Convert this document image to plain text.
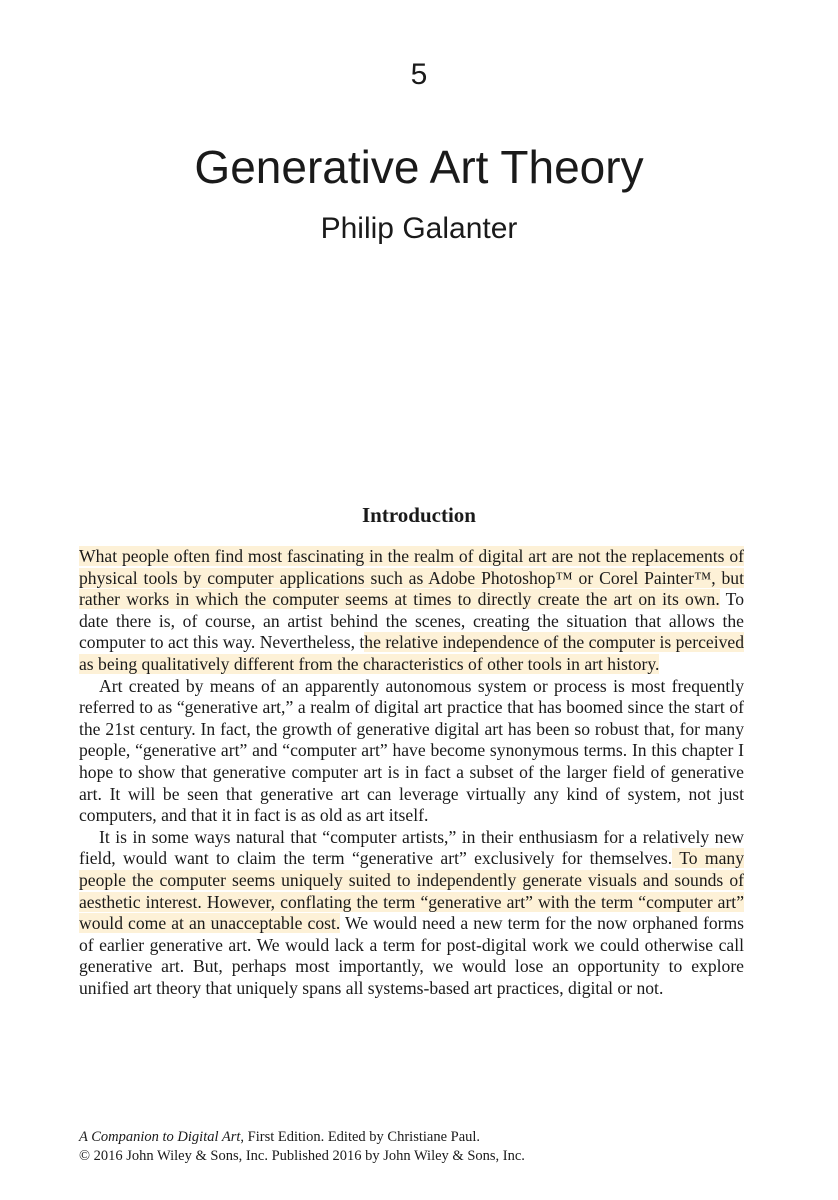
5
Generative Art Theory
Philip Galanter
Introduction

What people often find most fascinating in the realm of digital art are not the replacements of physical tools by computer applications such as Adobe Photoshop™ or Corel Painter™, but rather works in which the computer seems at times to directly create the art on its own. To date there is, of course, an artist behind the scenes, creating the situation that allows the computer to act this way. Nevertheless, the relative independence of the computer is perceived as being qualitatively different from the characteristics of other tools in art history.

Art created by means of an apparently autonomous system or process is most frequently referred to as “generative art,” a realm of digital art practice that has boomed since the start of the 21st century. In fact, the growth of generative digital art has been so robust that, for many people, “generative art” and “computer art” have become synonymous terms. In this chapter I hope to show that generative computer art is in fact a subset of the larger field of generative art. It will be seen that generative art can leverage virtually any kind of system, not just computers, and that it in fact is as old as art itself.

It is in some ways natural that “computer artists,” in their enthusiasm for a relatively new field, would want to claim the term “generative art” exclusively for themselves. To many people the computer seems uniquely suited to independently generate visuals and sounds of aesthetic interest. However, conflating the term “generative art” with the term “computer art” would come at an unacceptable cost. We would need a new term for the now orphaned forms of earlier generative art. We would lack a term for post-digital work we could otherwise call generative art. But, perhaps most importantly, we would lose an opportunity to explore unified art theory that uniquely spans all systems-based art practices, digital or not.

A Companion to Digital Art, First Edition. Edited by Christiane Paul.
© 2016 John Wiley & Sons, Inc. Published 2016 by John Wiley & Sons, Inc.
